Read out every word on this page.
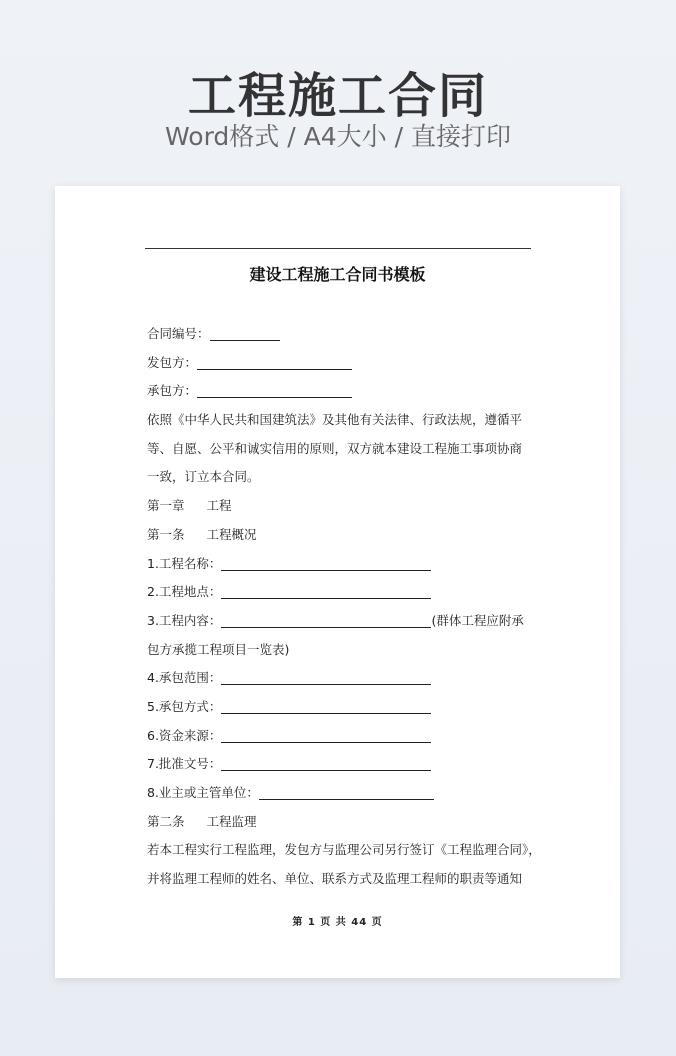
工程施工合同
Word格式 / A4大小 / 直接打印
建设工程施工合同书模板
合同编号：
发包方：
承包方：
依照《中华人民共和国建筑法》及其他有关法律、行政法规，遵循平
等、自愿、公平和诚实信用的原则，双方就本建设工程施工事项协商
一致，订立本合同。
第一章 工程
第一条 工程概况
1.工程名称：
2.工程地点：
3.工程内容：	(群体工程应附承
包方承揽工程项目一览表)
4.承包范围：
5.承包方式：
6.资金来源：
7.批准文号：
8.业主或主管单位：
第二条 工程监理
若本工程实行工程监理，发包方与监理公司另行签订《工程监理合同》，
并将监理工程师的姓名、单位、联系方式及监理工程师的职责等通知
第 1 页 共 44 页
